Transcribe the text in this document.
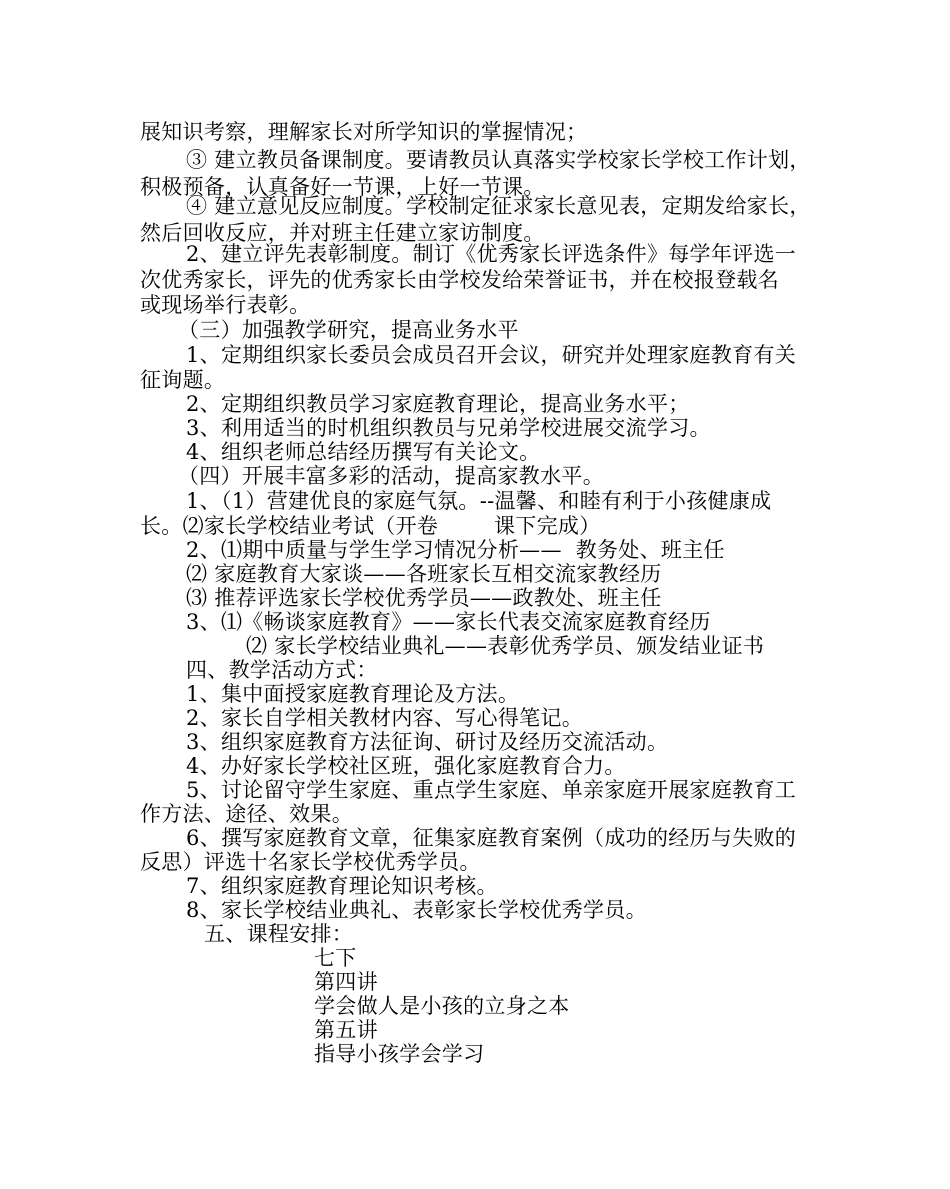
展知识考察，理解家长对所学知识的掌握情况；
③ 建立教员备课制度。要请教员认真落实学校家长学校工作计划，
积极预备，认真备好一节课，上好一节课。
④ 建立意见反应制度。学校制定征求家长意见表，定期发给家长，
然后回收反应，并对班主任建立家访制度。
2、建立评先表彰制度。制订《优秀家长评选条件》每学年评选一
次优秀家长，评先的优秀家长由学校发给荣誉证书，并在校报登载名
或现场举行表彰。
（三）加强教学研究，提高业务水平
1、定期组织家长委员会成员召开会议，研究并处理家庭教育有关
征询题。
2、定期组织教员学习家庭教育理论，提高业务水平；
3、利用适当的时机组织教员与兄弟学校进展交流学习。
4、组织老师总结经历撰写有关论文。
（四）开展丰富多彩的活动，提高家教水平。
1、（1）营建优良的家庭气氛。--温馨、和睦有利于小孩健康成
长。⑵家长学校结业考试（开卷        课下完成）
2、⑴期中质量与学生学习情况分析——  教务处、班主任
⑵ 家庭教育大家谈——各班家长互相交流家教经历
⑶ 推荐评选家长学校优秀学员——政教处、班主任
3、⑴《畅谈家庭教育》——家长代表交流家庭教育经历
⑵ 家长学校结业典礼——表彰优秀学员、颁发结业证书
四、教学活动方式：
1、集中面授家庭教育理论及方法。
2、家长自学相关教材内容、写心得笔记。
3、组织家庭教育方法征询、研讨及经历交流活动。
4、办好家长学校社区班，强化家庭教育合力。
5、讨论留守学生家庭、重点学生家庭、单亲家庭开展家庭教育工
作方法、途径、效果。
6、撰写家庭教育文章，征集家庭教育案例（成功的经历与失败的
反思）评选十名家长学校优秀学员。
7、组织家庭教育理论知识考核。
8、家长学校结业典礼、表彰家长学校优秀学员。
五、课程安排：
七下
第四讲
学会做人是小孩的立身之本
第五讲
指导小孩学会学习
